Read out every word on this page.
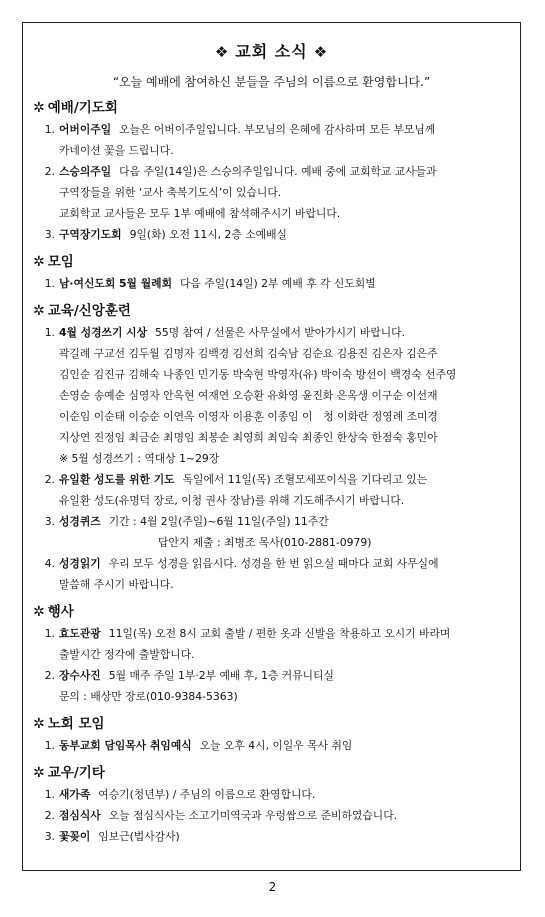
❖ 교회 소식 ❖
“오늘 예배에 참여하신 분들을 주님의 이름으로 환영합니다.”
✲ 예배/기도회
1. 어버이주일 오늘은 어버이주일입니다. 부모님의 은혜에 감사하며 모든 부모님께
카네이션 꽃을 드립니다.
2. 스승의주일 다음 주일(14일)은 스승의주일입니다. 예배 중에 교회학교 교사들과
구역장들을 위한 ‘교사 축복기도식’이 있습니다.
교회학교 교사들은 모두 1부 예배에 참석해주시기 바랍니다.
3. 구역장기도회 9일(화) 오전 11시, 2층 소예배실
✲ 모임
1. 남·여신도회 5월 월례회 다음 주일(14일) 2부 예배 후 각 신도회별
✲ 교육/신앙훈련
1. 4월 성경쓰기 시상 55명 참여 / 선물은 사무실에서 받아가시기 바랍니다.
곽길례 구교선 김두월 김명자 김백경 김선희 김숙남 김순요 김용진 김은자 김은주
김인순 김진규 김해숙 나종인 민기동 박숙현 박영자(유) 박이숙 방선이 백경숙 선주영
손영순 송예순 심영자 안옥현 여재연 오승환 유화영 윤진화 은옥생 이구순 이선재
이순임 이순태 이승순 이연옥 이영자 이용훈 이종임 이　청 이화란 정영례 조미경
지상연 진정임 최금순 최명임 최봉순 최영희 최임숙 최종인 한상숙 한점숙 홍민아
※ 5월 성경쓰기 : 역대상 1~29장
2. 유일환 성도를 위한 기도 독일에서 11일(목) 조혈모세포이식을 기다리고 있는
유일환 성도(유명덕 장로, 이청 권사 장남)를 위해 기도해주시기 바랍니다.
3. 성경퀴즈 기간 : 4월 2일(주일)~6월 11일(주일) 11주간
답안지 제출 : 최병조 목사(010-2881-0979)
4. 성경읽기 우리 모두 성경을 읽읍시다. 성경을 한 번 읽으실 때마다 교회 사무실에
말씀해 주시기 바랍니다.
✲ 행사
1. 효도관광 11일(목) 오전 8시 교회 출발 / 편한 옷과 신발을 착용하고 오시기 바라며
출발시간 정각에 출발합니다.
2. 장수사진 5월 매주 주일 1부·2부 예배 후, 1층 커뮤니티실
문의 : 배상만 장로(010-9384-5363)
✲ 노회 모임
1. 동부교회 담임목사 취임예식 오늘 오후 4시, 이일우 목사 취임
✲ 교우/기타
1. 새가족 여승기(청년부) / 주님의 이름으로 환영합니다.
2. 점심식사 오늘 점심식사는 소고기미역국과 우렁쌈으로 준비하였습니다.
3. 꽃꽂이 임보근(법사감사)
2
